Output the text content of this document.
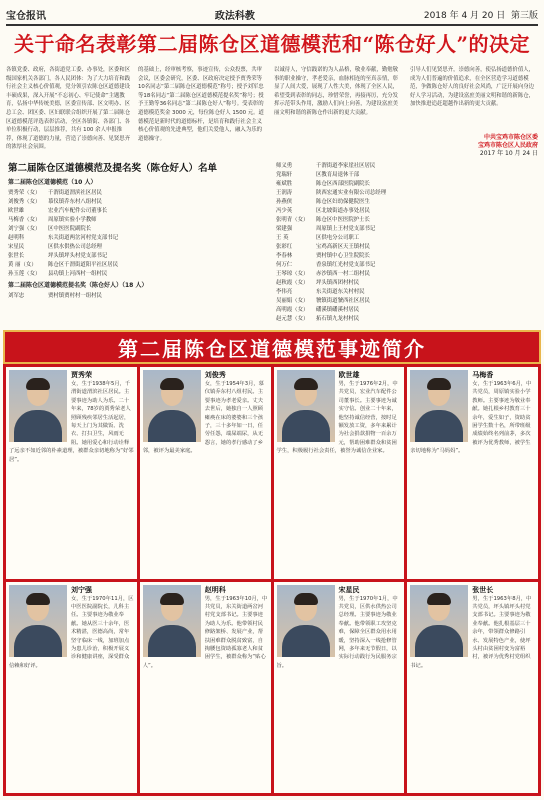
宝仓报讯	政法科教	2018 年 4 月 20 日 第三版
关于命名表彰第二届陈仓区道德模范和“陈仓好人”的决定
各镇党委、政府，各街道党工委、办事处，区委和区级国家机关各部门，各人民团体：为了大力培育和践行社会主义核心价值观，党分领引农陈仓区道德建设丰硕成果，深入开展“不忘初心、牢记使命”主题教育，弘扬中华传统美德，区委宣传部、区文明办、区总工会、团区委、区妇联联合组织开展了第二届陈仓区道德模范评选表彰活动，全区各镇街、各部门、各单位积极行动，层层推荐，共有 100 余人申报推荐，体现了道德的力量，营造了崇德向善、见贤思齐的浓厚社会氛围。
的基础上，经审核考察，事迹宣传，公众投票，共审会议，区委会研究，区委、区政府决定授予贾秀荣等10名同志“第二届陈仓区道德模范”称号；授予刘军忠等18名同志“第二届陈仓区道德模范提名奖”称号；授予王勤等36名同志“第二届陈仓好人”称号。受表彰的道德模范奖金 3000 元，每位陈仓好人 1500 元。道德模范是新时代的道德标杆，是培育和践行社会主义核心价值观的先进典型，他们关爱他人，融入为乐的道德操守。
以诚待人，守信践诺的为人品格，敬业奉献，勤勉敬事的职业操守，孝老爱亲，血脉相连的至真亲情，彰显了人间大爱，展现了人性大美，体现了全区人民，希望受到表彰的同志，珍惜荣誉，再接再厉，充分发挥示范带头作用，激励人们向上向善，为建设富庶美丽文明和谐的新陈仓作出新的更大贡献。
引导人们见贤思齐，崇德向善，使弘扬道德价值人，成为人们普遍的价值追求，在全区营造学习道德模范，争做陈仓好人的良好社会风尚，广泛开展向身边好人学习活动，为建设富庶美丽文明和谐的新陈仓，加快推进追赶超越作出新的更大贡献。
中共宝鸡市陈仓区委
宝鸡市陈仓区人民政府
2017 年 10 月 24 日
第二届陈仓区道德模范及提名奖（陈仓好人）名单
第二届陈仓区道德模范（10 人）
贾秀荣（女）	千渭街道渭滨社区居民
刘俊秀（女）	慕仪镇乔东村八组村民
欧世雄	宏业汽车配件公司董事长
马梅香（女）	周原镇实验小学教师
刘宁强（女）	区中医医院副院长
赵明科	东关街道两岔河村党支部书记
宋星民	区供水供热公司总经理
张世长	坪头镇坪头村党支部书记
黄 丽（女）	陈仓区千渭街道阳平社区居民
孙玉莲（女）	县功镇上河西村一组村民
第二届陈仓区道德模范提名奖（陈仓好人）（18 人）
刘军忠	贾村镇贾村村一组村民
师义勇	千渭街道李家崖社区居民
党瑞轩	区教育局退休干部
雍斌胜	陈仓区西部医院副院长
王润涛	陕西宏通实业有限公司总经理
孙燕侠	陈仓区妇幼保健院医生
冯少英	区北坡街道办事处居民
张明青（女）	陈仓区中医医院护士长
梁建强	周原镇上王村党支部书记
王 英	区供电分公司职工
张彩红	宝鸡高新区天王镇村民
李春林	贾村镇中心卫生院院长
何万仁	香泉镇红光村党支部书记
王琴琼（女）	赤沙镇西一村二组村民
赵秋霞（女）	坪头镇西团村村民
李伟亮	东关街道东关村村民
吴丽娟（女）	虢镇街道虢西社区居民
高明霞（女）	磻溪镇磻溪村居民
赵元慧（女）	拓石镇九龙村村民
第二届陈仓区道德模范事迹简介
贾秀荣
女，生于1938年5月，千渭街道渭滨社区居民。主要事迹为助人为乐。二十年来，78岁的贾秀荣老人照顾残疾邻居生活起居，每天上门为其做饭、洗衣、打扫卫生，风雨无阻。她用爱心和行动诠释了远亲不如近邻的朴素道理，被群众亲切地称为“好邻居”。
刘俊秀
女，生于1954年3月，慕仪镇乔东村八组村民。主要事迹为孝老爱亲。丈夫去世后，她独自一人照顾瘫痪在床的婆婆和三个孩子，三十多年如一日，任劳任怨，端屎端尿，从无怨言，她的孝行感动了乡邻，被评为最美家庭。
欧世雄
男，生于1976年2月，中共党员，宏业汽车配件公司董事长。主要事迹为诚实守信。创业二十年来，他坚持诚信经营，按时足额发放工资，多年来累计为社会捐款捐物一百余万元，帮助困难群众和贫困学生，积极履行社会责任，被誉为诚信企业家。
马梅香
女，生于1963年6月，中共党员，周原镇实验小学教师。主要事迹为敬业奉献。她扎根乡村教育三十余年，爱生如子，资助贫困学生数十名，所带班级成绩始终名列前茅，多次被评为优秀教师，被学生亲切地称为“马妈妈”。
刘宁强
女，生于1970年11月，区中医医院副院长，儿科主任。主要事迹为敬业奉献。她从医三十余年，医术精湛，医德高尚，常年坚守临床一线，加班加点为患儿诊治，积极开展义诊和健康讲座，深受群众信赖和好评。
赵明科
男，生于1963年10月，中共党员，东关街道两岔河村党支部书记。主要事迹为助人为乐。他带领村民修路架桥、发展产业，帮扶困难群众脱贫致富，自掏腰包资助孤寡老人和贫困学生，被群众称为“贴心人”。
宋星民
男，生于1970年1月，中共党员，区供水供热公司总经理。主要事迹为敬业奉献。他带领职工攻坚克难，保障全区群众用水用暖，坚持深入一线抢修管网，多年来无节假日，以实际行动践行为民服务宗旨。
张世长
男，生于1963年8月，中共党员，坪头镇坪头村党支部书记。主要事迹为敬业奉献。他扎根基层三十余年，带领群众修路引水、发展特色产业，使坪头村由贫困村变为富裕村，被评为优秀村党组织书记。
